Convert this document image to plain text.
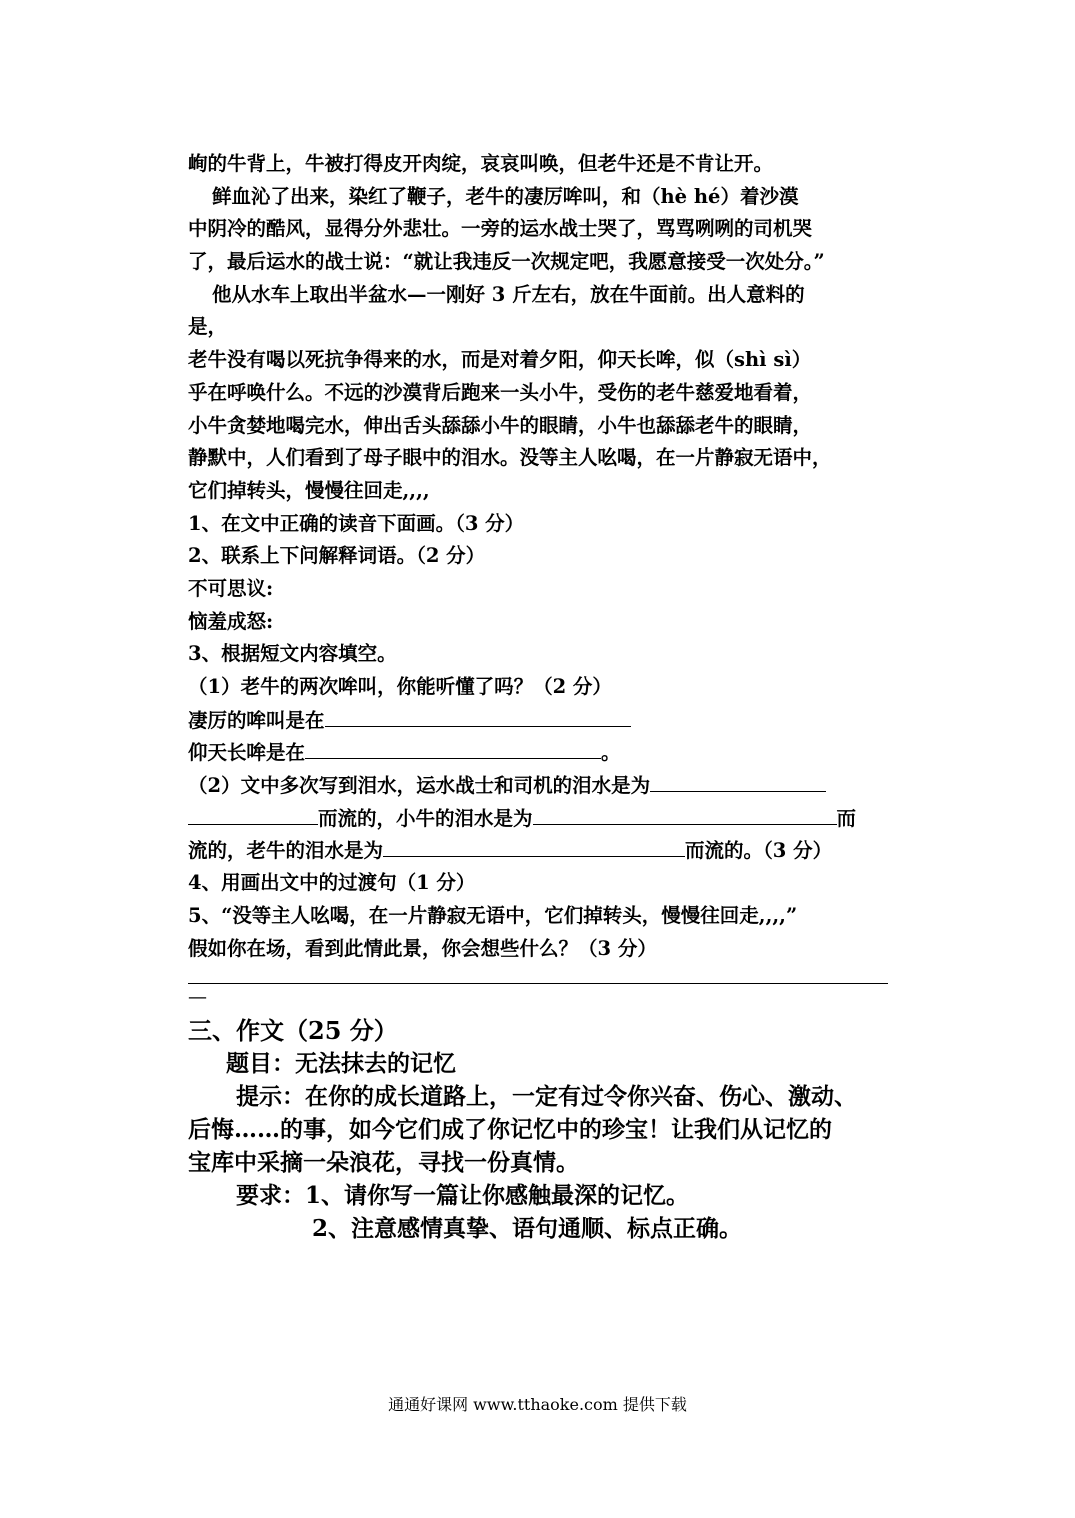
峋的牛背上，牛被打得皮开肉绽，哀哀叫唤，但老牛还是不肯让开。
鲜血沁了出来，染红了鞭子，老牛的凄厉哞叫，和（hè hé）着沙漠
中阴冷的酷风，显得分外悲壮。一旁的运水战士哭了，骂骂咧咧的司机哭
了，最后运水的战士说：“就让我违反一次规定吧，我愿意接受一次处分。”
他从水车上取出半盆水—一刚好 3 斤左右，放在牛面前。出人意料的
是，
老牛没有喝以死抗争得来的水，而是对着夕阳，仰天长哞，似（shì sì）
乎在呼唤什么。不远的沙漠背后跑来一头小牛，受伤的老牛慈爱地看着，
小牛贪婪地喝完水，伸出舌头舔舔小牛的眼睛，小牛也舔舔老牛的眼睛，
静默中，人们看到了母子眼中的泪水。没等主人吆喝，在一片静寂无语中，
它们掉转头，慢慢往回走,,,,
1、在文中正确的读音下面画。（3 分）
2、联系上下问解释词语。（2 分）
不可思议:
恼羞成怒:
3、根据短文内容填空。
（1）老牛的两次哞叫，你能听懂了吗？（2 分）
凄厉的哞叫是在
仰天长哞是在	。
（2）文中多次写到泪水，运水战士和司机的泪水是为
而流的，小牛的泪水是为	而
流的，老牛的泪水是为	而流的。（3 分）
4、用画出文中的过渡句（1 分）
5、“没等主人吆喝，在一片静寂无语中，它们掉转头，慢慢往回走,,,,”
假如你在场，看到此情此景，你会想些什么？（3 分）
—
三、作文（25 分）
题目：无法抹去的记忆
提示：在你的成长道路上，一定有过令你兴奋、伤心、激动、
后悔……的事，如今它们成了你记忆中的珍宝！让我们从记忆的
宝库中采摘一朵浪花，寻找一份真情。
要求：1、请你写一篇让你感触最深的记忆。
2、注意感情真挚、语句通顺、标点正确。
通通好课网 www.tthaoke.com 提供下载
